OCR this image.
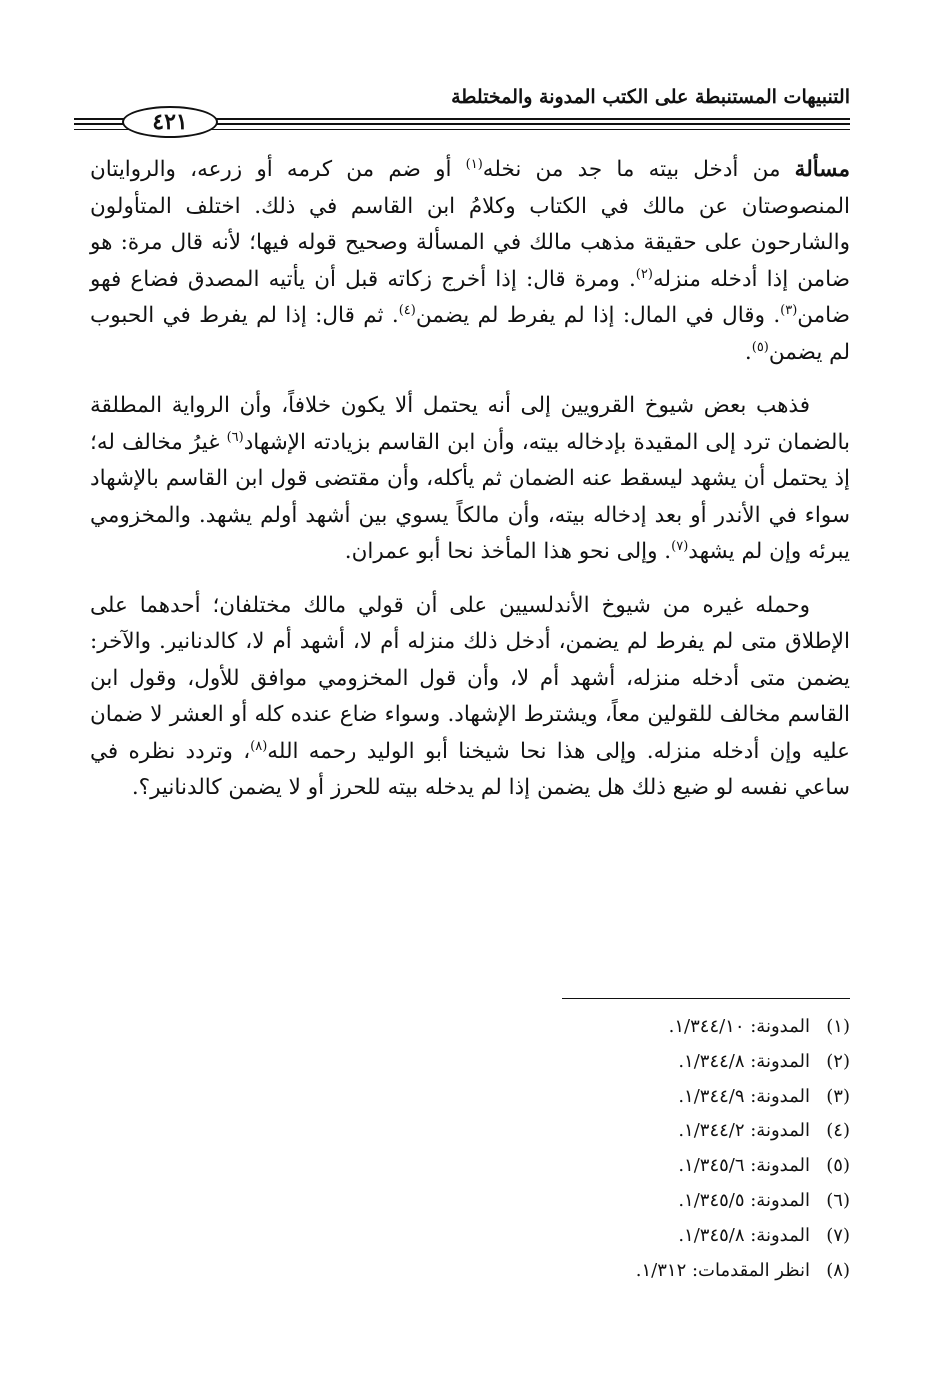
التنبيهات المستنبطة على الكتب المدونة والمختلطة
٤٢١

مسألة من أدخل بيته ما جد من نخله$^{(١)}$ أو ضم من كرمه أو زرعه، والروايتان المنصوصتان عن مالك في الكتاب وكلامُ ابن القاسم في ذلك. اختلف المتأولون والشارحون على حقيقة مذهب مالك في المسألة وصحيح قوله فيها؛ لأنه قال مرة: هو ضامن إذا أدخله منزله$^{(٢)}$. ومرة قال: إذا أخرج زكاته قبل أن يأتيه المصدق فضاع فهو ضامن$^{(٣)}$. وقال في المال: إذا لم يفرط لم يضمن$^{(٤)}$. ثم قال: إذا لم يفرط في الحبوب لم يضمن$^{(٥)}$.

فذهب بعض شيوخ القرويين إلى أنه يحتمل ألا يكون خلافاً، وأن الرواية المطلقة بالضمان ترد إلى المقيدة بإدخاله بيته، وأن ابن القاسم بزيادته الإشهاد$^{(٦)}$ غيرُ مخالف له؛ إذ يحتمل أن يشهد ليسقط عنه الضمان ثم يأكله، وأن مقتضى قول ابن القاسم بالإشهاد سواء في الأندر أو بعد إدخاله بيته، وأن مالكاً يسوي بين أشهد أولم يشهد. والمخزومي يبرئه وإن لم يشهد$^{(٧)}$. وإلى نحو هذا المأخذ نحا أبو عمران.

وحمله غيره من شيوخ الأندلسيين على أن قولي مالك مختلفان؛ أحدهما على الإطلاق متى لم يفرط لم يضمن، أدخل ذلك منزله أم لا، أشهد أم لا، كالدنانير. والآخر: يضمن متى أدخله منزله، أشهد أم لا، وأن قول المخزومي موافق للأول، وقول ابن القاسم مخالف للقولين معاً، ويشترط الإشهاد. وسواء ضاع عنده كله أو العشر لا ضمان عليه وإن أدخله منزله. وإلى هذا نحا شيخنا أبو الوليد رحمه الله$^{(٨)}$، وتردد نظره في ساعي نفسه لو ضيع ذلك هل يضمن إذا لم يدخله بيته للحرز أو لا يضمن كالدنانير؟.

(١)المدونة: ١/٣٤٤/١٠.
(٢)المدونة: ١/٣٤٤/٨.
(٣)المدونة: ١/٣٤٤/٩.
(٤)المدونة: ١/٣٤٤/٢.
(٥)المدونة: ١/٣٤٥/٦.
(٦)المدونة: ١/٣٤٥/٥.
(٧)المدونة: ١/٣٤٥/٨.
(٨)انظر المقدمات: ١/٣١٢.
